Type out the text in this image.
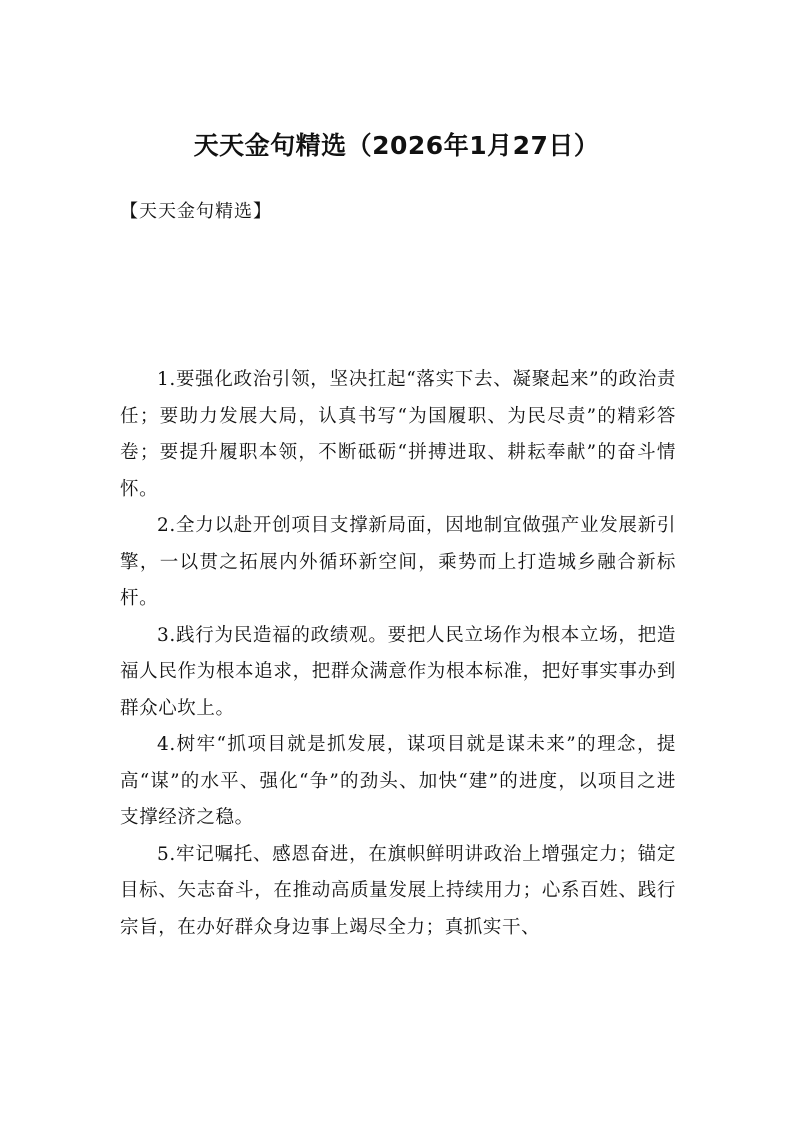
天天金句精选（2026年1月27日）
【天天金句精选】

1.要强化政治引领，坚决扛起“落实下去、凝聚起来”的政治责任；要助力发展大局，认真书写“为国履职、为民尽责”的精彩答卷；要提升履职本领，不断砥砺“拼搏进取、耕耘奉献”的奋斗情怀。

2.全力以赴开创项目支撑新局面，因地制宜做强产业发展新引擎，一以贯之拓展内外循环新空间，乘势而上打造城乡融合新标杆。

3.践行为民造福的政绩观。要把人民立场作为根本立场，把造福人民作为根本追求，把群众满意作为根本标准，把好事实事办到群众心坎上。

4.树牢“抓项目就是抓发展，谋项目就是谋未来”的理念，提高“谋”的水平、强化“争”的劲头、加快“建”的进度，以项目之进支撑经济之稳。

5.牢记嘱托、感恩奋进，在旗帜鲜明讲政治上增强定力；锚定目标、矢志奋斗，在推动高质量发展上持续用力；心系百姓、践行宗旨，在办好群众身边事上竭尽全力；真抓实干、
